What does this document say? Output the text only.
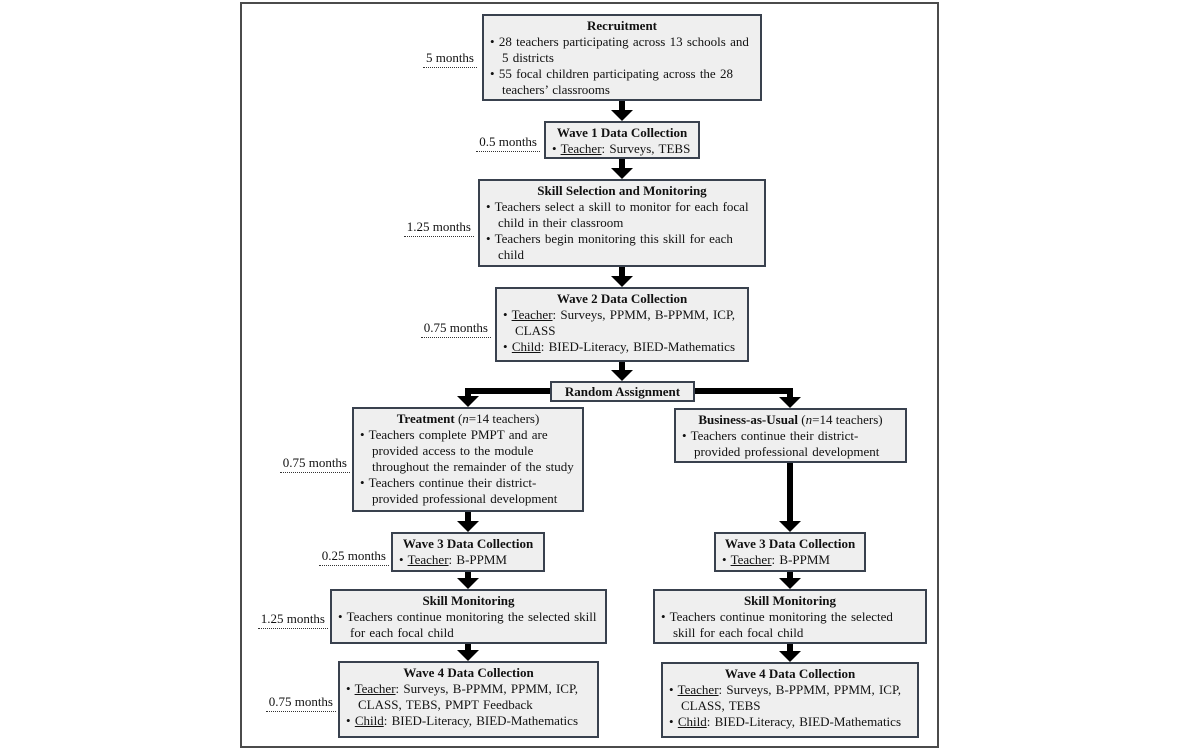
5 months
0.5 months
1.25 months
0.75 months
0.75 months
0.25 months
1.25 months
0.75 months
Recruitment
• 28 teachers participating across 13 schools and 5 districts
• 55 focal children participating across the 28 teachers’ classrooms
Wave 1 Data Collection
• Teacher: Surveys, TEBS
Skill Selection and Monitoring
• Teachers select a skill to monitor for each focal child in their classroom
• Teachers begin monitoring this skill for each child
Wave 2 Data Collection
• Teacher: Surveys, PPMM, B-PPMM, ICP, CLASS
• Child: BIED-Literacy, BIED-Mathematics
Random Assignment
Treatment (n=14 teachers)
• Teachers complete PMPT and are provided access to the module throughout the remainder of the study
• Teachers continue their district-provided professional development
Business-as-Usual (n=14 teachers)
• Teachers continue their district-provided professional development
Wave 3 Data Collection
• Teacher: B-PPMM
Wave 3 Data Collection
• Teacher: B-PPMM
Skill Monitoring
• Teachers continue monitoring the selected skill for each focal child
Skill Monitoring
• Teachers continue monitoring the selected skill for each focal child
Wave 4 Data Collection
• Teacher: Surveys, B-PPMM, PPMM, ICP, CLASS, TEBS, PMPT Feedback
• Child: BIED-Literacy, BIED-Mathematics
Wave 4 Data Collection
• Teacher: Surveys, B-PPMM, PPMM, ICP, CLASS, TEBS
• Child: BIED-Literacy, BIED-Mathematics
